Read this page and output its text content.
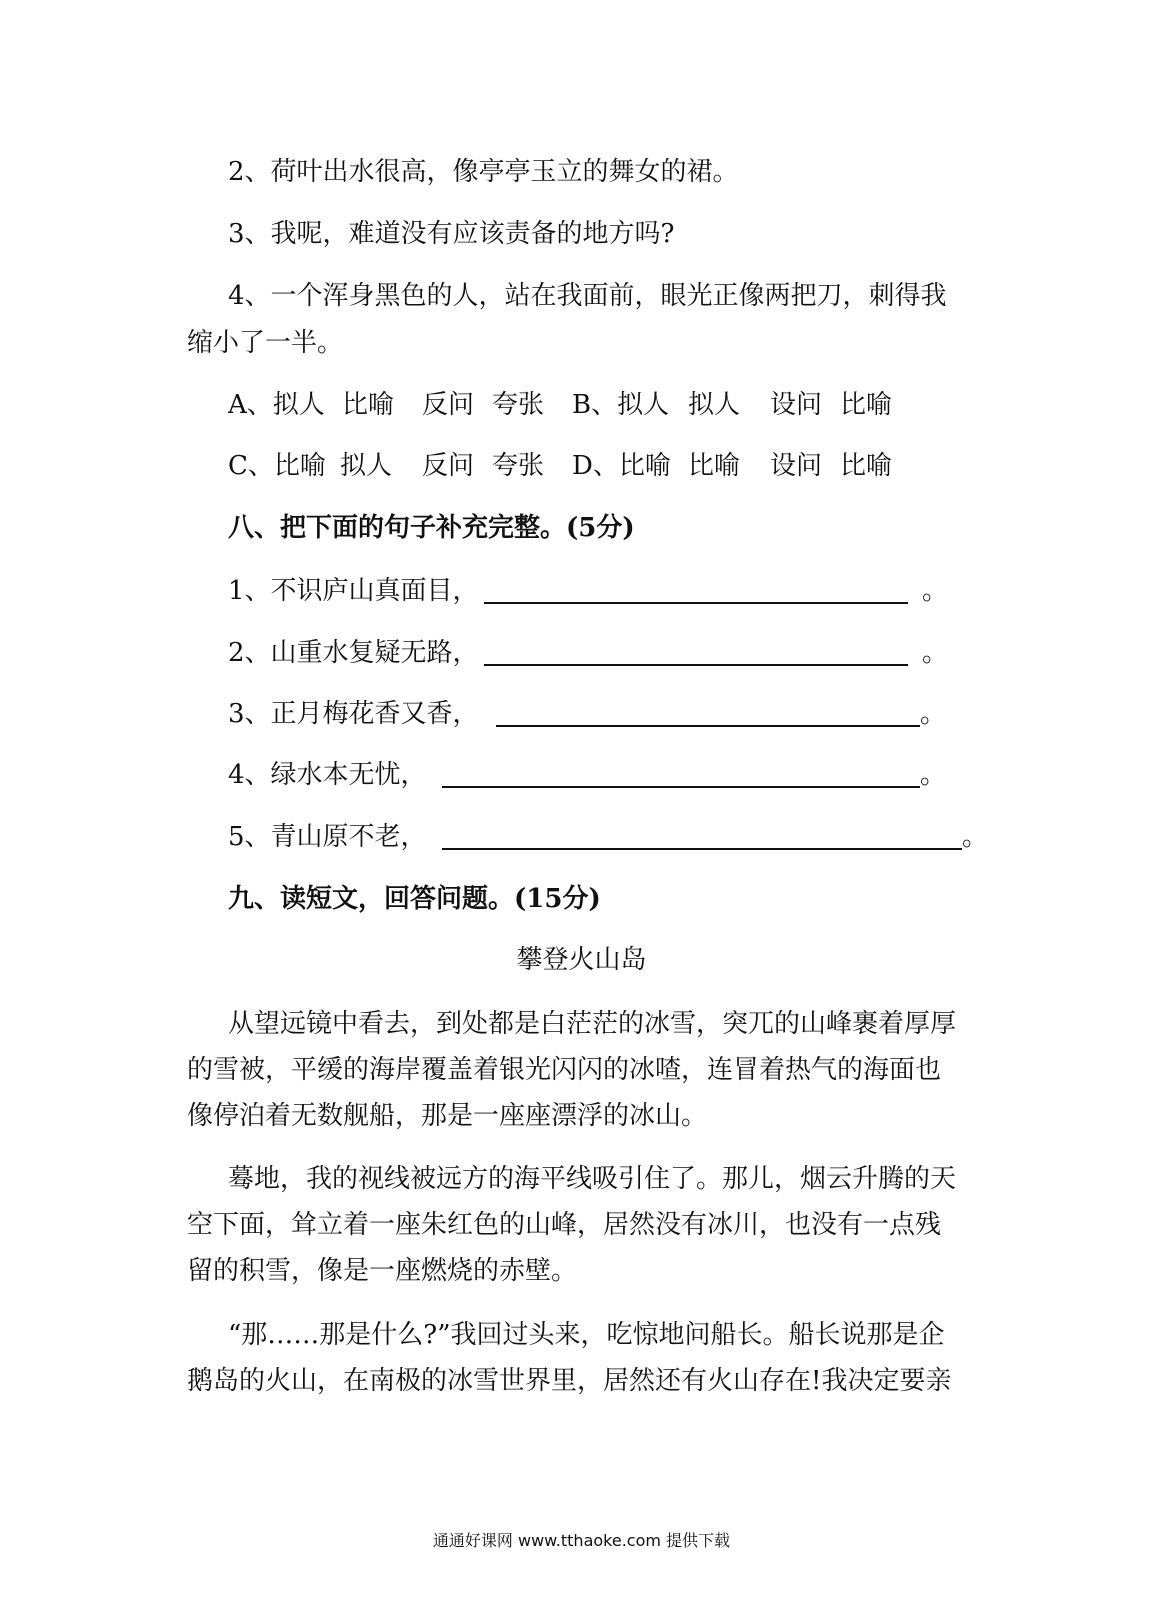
2、荷叶出水很高，像亭亭玉立的舞女的裙。
3、我呢，难道没有应该责备的地方吗?
4、一个浑身黑色的人，站在我面前，眼光正像两把刀，刺得我
缩小了一半。
A、拟人 比喻 反问 夸张 B、拟人 拟人 设问 比喻
C、比喻 拟人 反问 夸张 D、比喻 比喻 设问 比喻
八、把下面的句子补充完整。(5分)
1、不识庐山真面目，	。
2、山重水复疑无路，	。
3、正月梅花香又香，	。
4、绿水本无忧，	。
5、青山原不老，	。
九、读短文，回答问题。(15分)
攀登火山岛
从望远镜中看去，到处都是白茫茫的冰雪，突兀的山峰裹着厚厚
的雪被，平缓的海岸覆盖着银光闪闪的冰喳，连冒着热气的海面也
像停泊着无数舰船，那是一座座漂浮的冰山。
蓦地，我的视线被远方的海平线吸引住了。那儿，烟云升腾的天
空下面，耸立着一座朱红色的山峰，居然没有冰川，也没有一点残
留的积雪，像是一座燃烧的赤壁。
“那……那是什么?”我回过头来，吃惊地问船长。船长说那是企
鹅岛的火山，在南极的冰雪世界里，居然还有火山存在!我决定要亲
通通好课网 www.tthaoke.com 提供下载
